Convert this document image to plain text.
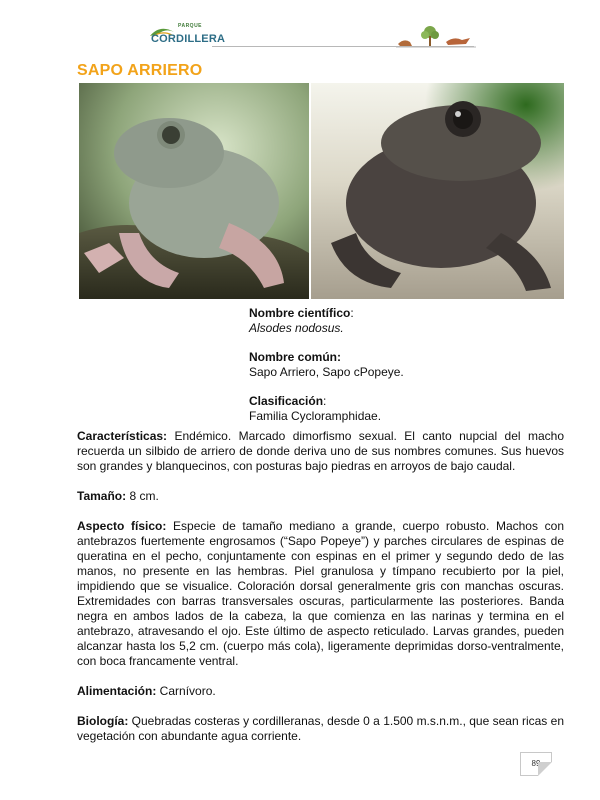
PARQUE
CORDILLERA
SAPO ARRIERO
Nombre científico:
Alsodes nodosus.
Nombre común:
Sapo Arriero, Sapo cPopeye.
Clasificación:
Familia Cycloramphidae.

Características: Endémico. Marcado dimorfismo sexual. El canto nupcial del macho recuerda un silbido de arriero de donde deriva uno de sus nombres comunes. Sus huevos son grandes y blanquecinos, con posturas bajo piedras en arroyos de bajo caudal.

Tamaño: 8 cm.

Aspecto físico: Especie de tamaño mediano a grande, cuerpo robusto. Machos con antebrazos fuertemente engrosamos (“Sapo Popeye”) y parches circulares de espinas de queratina en el pecho, conjuntamente con espinas en el primer y segundo dedo de las manos, no presente en las hembras. Piel granulosa y tímpano recubierto por la piel, impidiendo que se visualice. Coloración dorsal generalmente gris con manchas oscuras. Extremidades con barras transversales oscuras, particularmente las posteriores. Banda negra en ambos lados de la cabeza, la que comienza en las narinas y termina en el antebrazo, atravesando el ojo. Este último de aspecto reticulado. Larvas grandes, pueden alcanzar hasta los 5,2 cm. (cuerpo más cola), ligeramente deprimidas dorso-ventralmente, con boca francamente ventral.

Alimentación: Carnívoro.

Biología: Quebradas costeras y cordilleranas, desde 0 a 1.500 m.s.n.m., que sean ricas en vegetación con abundante agua corriente.

89
